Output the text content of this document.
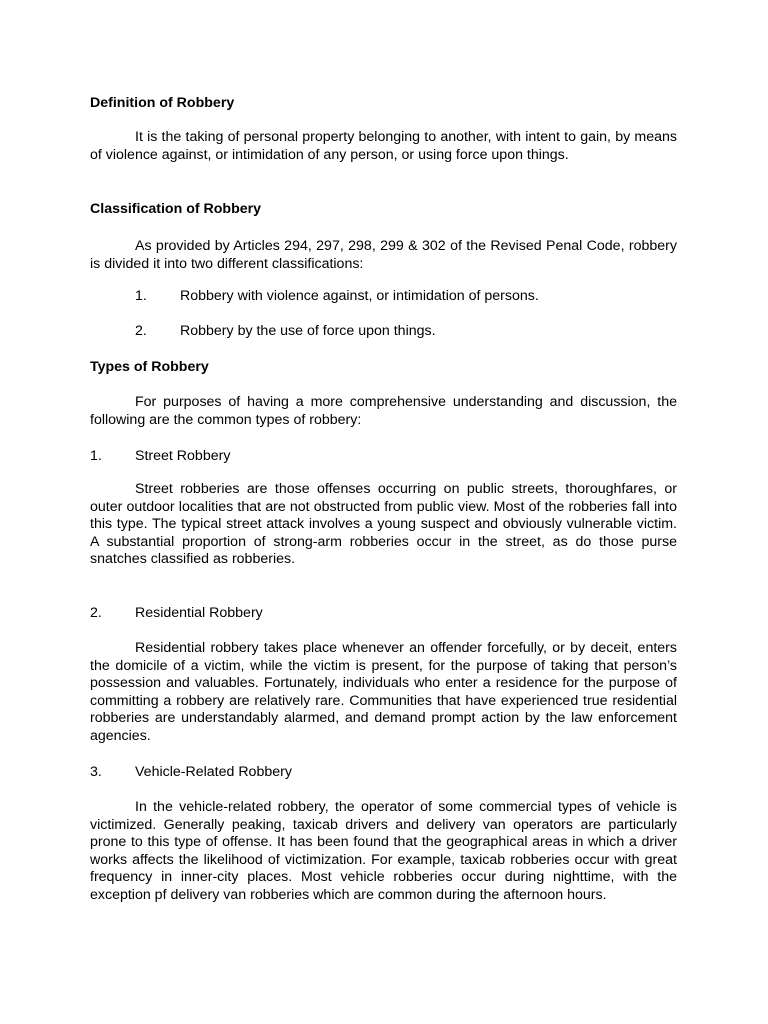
Definition of Robbery

It is the taking of personal property belonging to another, with intent to gain, by means of violence against, or intimidation of any person, or using force upon things.

Classification of Robbery

As provided by Articles 294, 297, 298, 299 & 302 of the Revised Penal Code, robbery is divided it into two different classifications:

1.	Robbery with violence against, or intimidation of persons.
2.	Robbery by the use of force upon things.

Types of Robbery

For purposes of having a more comprehensive understanding and discussion, the following are the common types of robbery:

1.	Street Robbery

Street robberies are those offenses occurring on public streets, thoroughfares, or outer outdoor localities that are not obstructed from public view. Most of the robberies fall into this type. The typical street attack involves a young suspect and obviously vulnerable victim. A substantial proportion of strong-arm robberies occur in the street, as do those purse snatches classified as robberies.

2.	Residential Robbery

Residential robbery takes place whenever an offender forcefully, or by deceit, enters the domicile of a victim, while the victim is present, for the purpose of taking that person’s possession and valuables. Fortunately, individuals who enter a residence for the purpose of committing a robbery are relatively rare. Communities that have experienced true residential robberies are understandably alarmed, and demand prompt action by the law enforcement agencies.

3.	Vehicle-Related Robbery

In the vehicle-related robbery, the operator of some commercial types of vehicle is victimized. Generally peaking, taxicab drivers and delivery van operators are particularly prone to this type of offense. It has been found that the geographical areas in which a driver works affects the likelihood of victimization. For example, taxicab robberies occur with great frequency in inner-city places. Most vehicle robberies occur during nighttime, with the exception pf delivery van robberies which are common during the afternoon hours.
